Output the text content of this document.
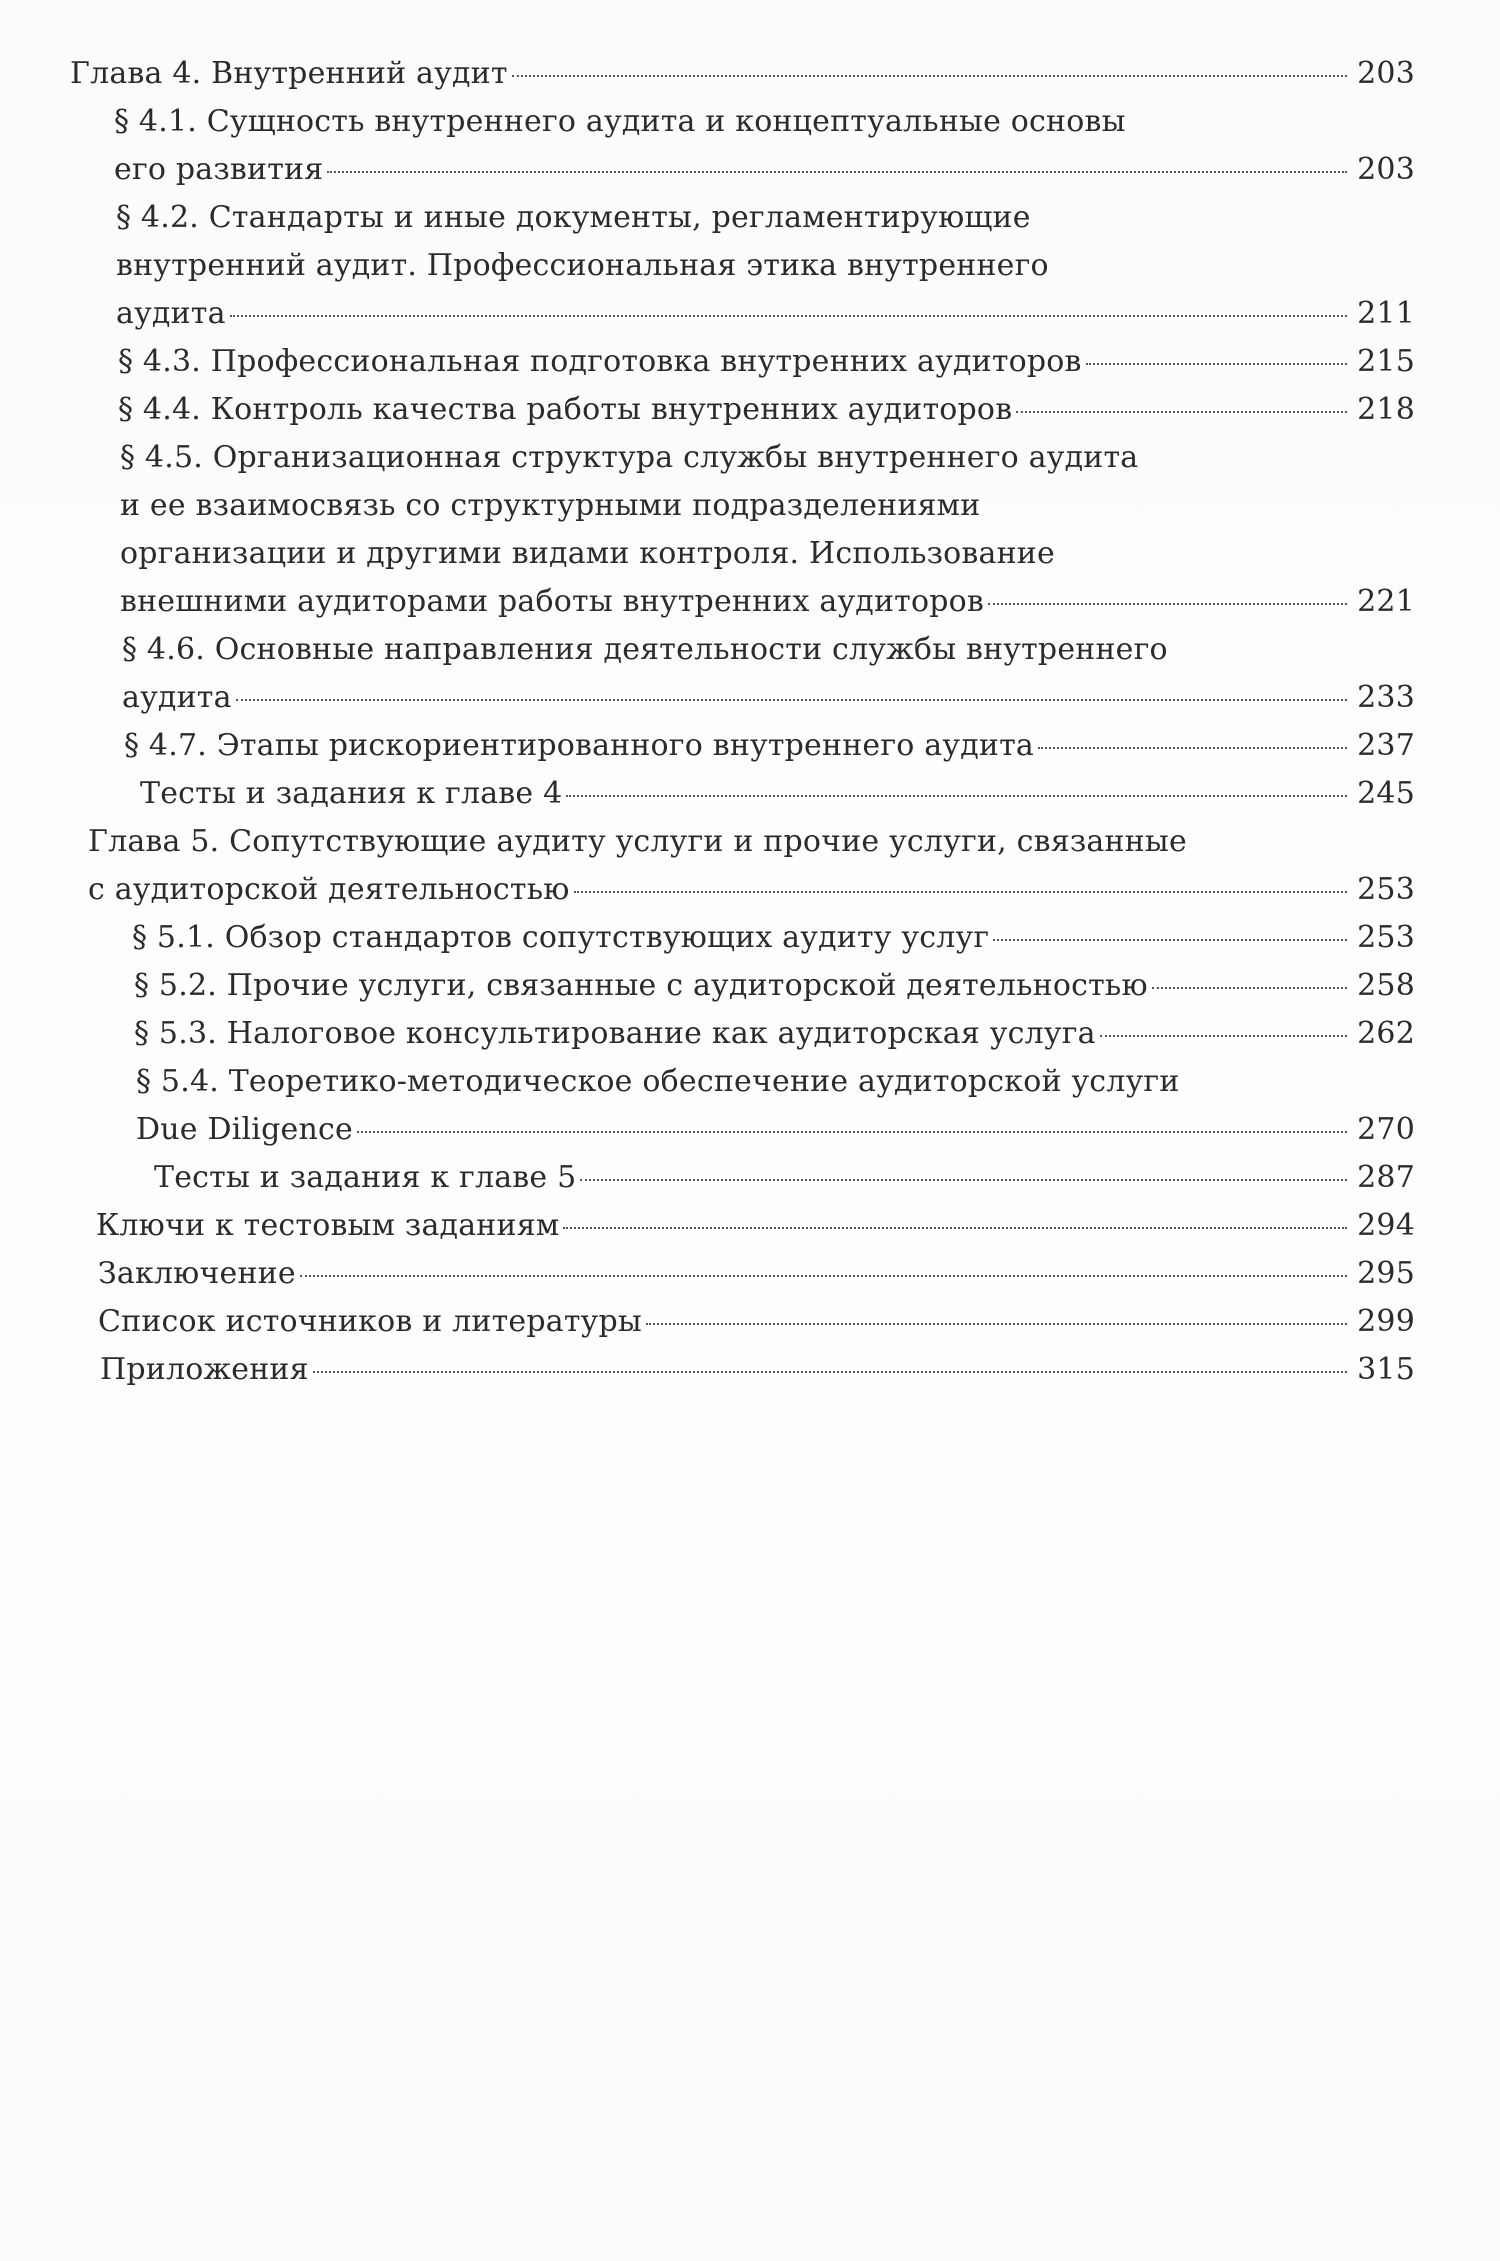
Глава 4. Внутренний аудит	203
§ 4.1. Сущность внутреннего аудита и концептуальные основы
его развития	203
§ 4.2. Стандарты и иные документы, регламентирующие
внутренний аудит. Профессиональная этика внутреннего
аудита	211
§ 4.3. Профессиональная подготовка внутренних аудиторов	215
§ 4.4. Контроль качества работы внутренних аудиторов	218
§ 4.5. Организационная структура службы внутреннего аудита
и ее взаимосвязь со структурными подразделениями
организации и другими видами контроля. Использование
внешними аудиторами работы внутренних аудиторов	221
§ 4.6. Основные направления деятельности службы внутреннего
аудита	233
§ 4.7. Этапы рискориентированного внутреннего аудита	237
Тесты и задания к главе 4	245
Глава 5. Сопутствующие аудиту услуги и прочие услуги, связанные
с аудиторской деятельностью	253
§ 5.1. Обзор стандартов сопутствующих аудиту услуг	253
§ 5.2. Прочие услуги, связанные с аудиторской деятельностью	258
§ 5.3. Налоговое консультирование как аудиторская услуга	262
§ 5.4. Теоретико-методическое обеспечение аудиторской услуги
Due Diligence	270
Тесты и задания к главе 5	287
Ключи к тестовым заданиям	294
Заключение	295
Список источников и литературы	299
Приложения	315
